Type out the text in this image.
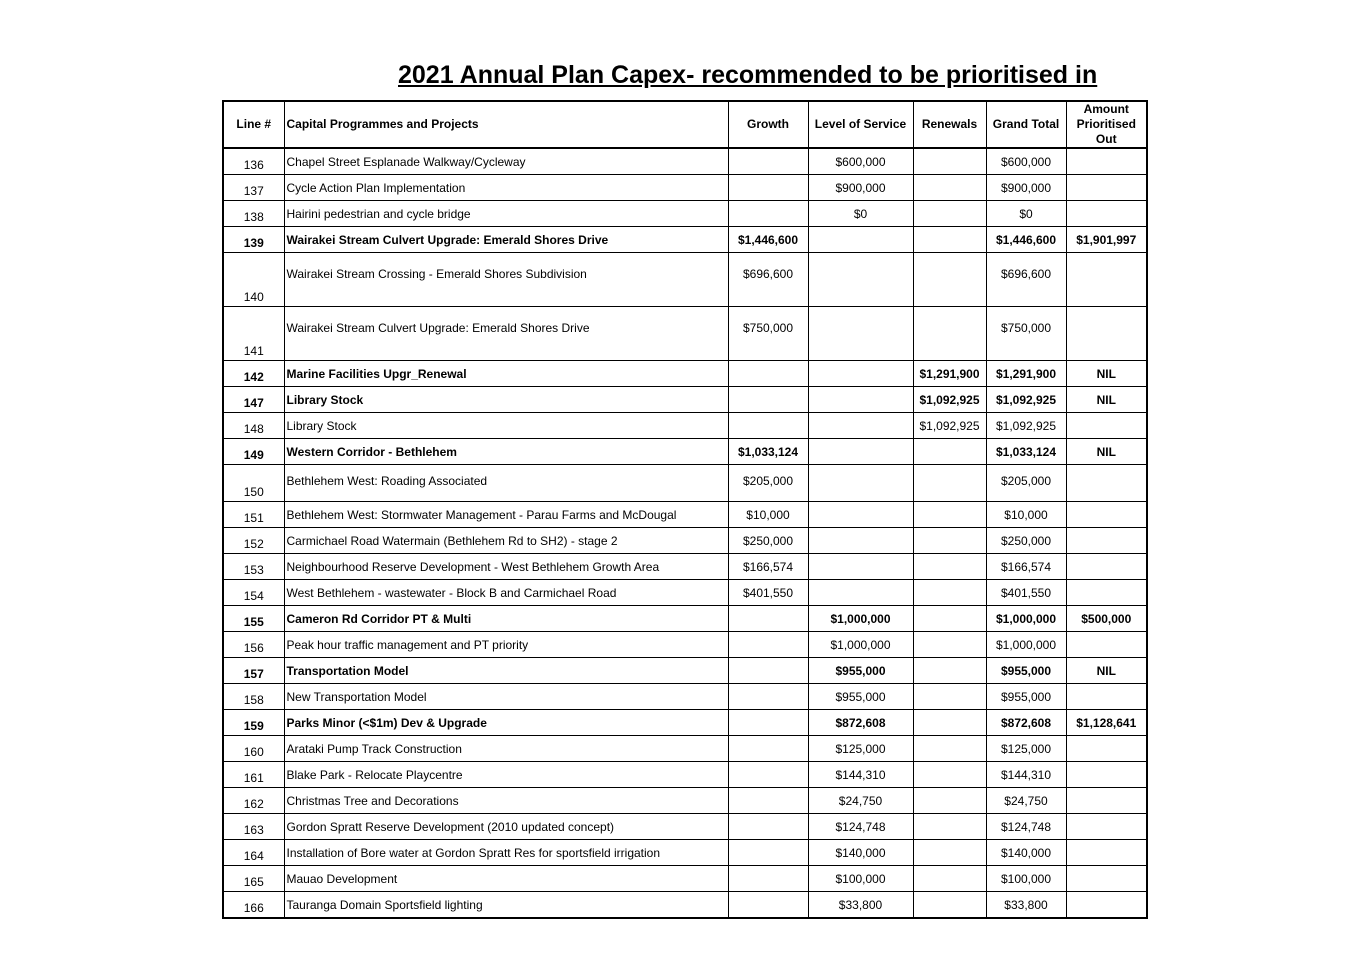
2021 Annual Plan Capex- recommended to be prioritised in
Line #	Capital Programmes and Projects	Growth	Level of Service	Renewals	Grand Total	Amount Prioritised Out
136	Chapel Street Esplanade Walkway/Cycleway		$600,000		$600,000	
137	Cycle Action Plan Implementation		$900,000		$900,000	
138	Hairini pedestrian and cycle bridge		$0		$0	
139	Wairakei Stream Culvert Upgrade: Emerald Shores Drive	$1,446,600			$1,446,600	$1,901,997
140	Wairakei Stream Crossing - Emerald Shores Subdivision	$696,600			$696,600	
141	Wairakei Stream Culvert Upgrade: Emerald Shores Drive	$750,000			$750,000	
142	Marine Facilities Upgr_Renewal			$1,291,900	$1,291,900	NIL
147	Library Stock			$1,092,925	$1,092,925	NIL
148	Library Stock			$1,092,925	$1,092,925	
149	Western Corridor - Bethlehem	$1,033,124			$1,033,124	NIL
150	Bethlehem West: Roading Associated	$205,000			$205,000	
151	Bethlehem West: Stormwater Management - Parau Farms and McDougal	$10,000			$10,000	
152	Carmichael Road Watermain (Bethlehem Rd to SH2) - stage 2	$250,000			$250,000	
153	Neighbourhood Reserve Development - West Bethlehem Growth Area	$166,574			$166,574	
154	West Bethlehem - wastewater - Block B and Carmichael Road	$401,550			$401,550	
155	Cameron Rd Corridor PT & Multi		$1,000,000		$1,000,000	$500,000
156	Peak hour traffic management and PT priority		$1,000,000		$1,000,000	
157	Transportation Model		$955,000		$955,000	NIL
158	New Transportation Model		$955,000		$955,000	
159	Parks Minor (<$1m) Dev & Upgrade		$872,608		$872,608	$1,128,641
160	Arataki Pump Track Construction		$125,000		$125,000	
161	Blake Park - Relocate Playcentre		$144,310		$144,310	
162	Christmas Tree and Decorations		$24,750		$24,750	
163	Gordon Spratt Reserve Development (2010 updated concept)		$124,748		$124,748	
164	Installation of Bore water at Gordon Spratt Res for sportsfield irrigation		$140,000		$140,000	
165	Mauao Development		$100,000		$100,000	
166	Tauranga Domain Sportsfield lighting		$33,800		$33,800	
